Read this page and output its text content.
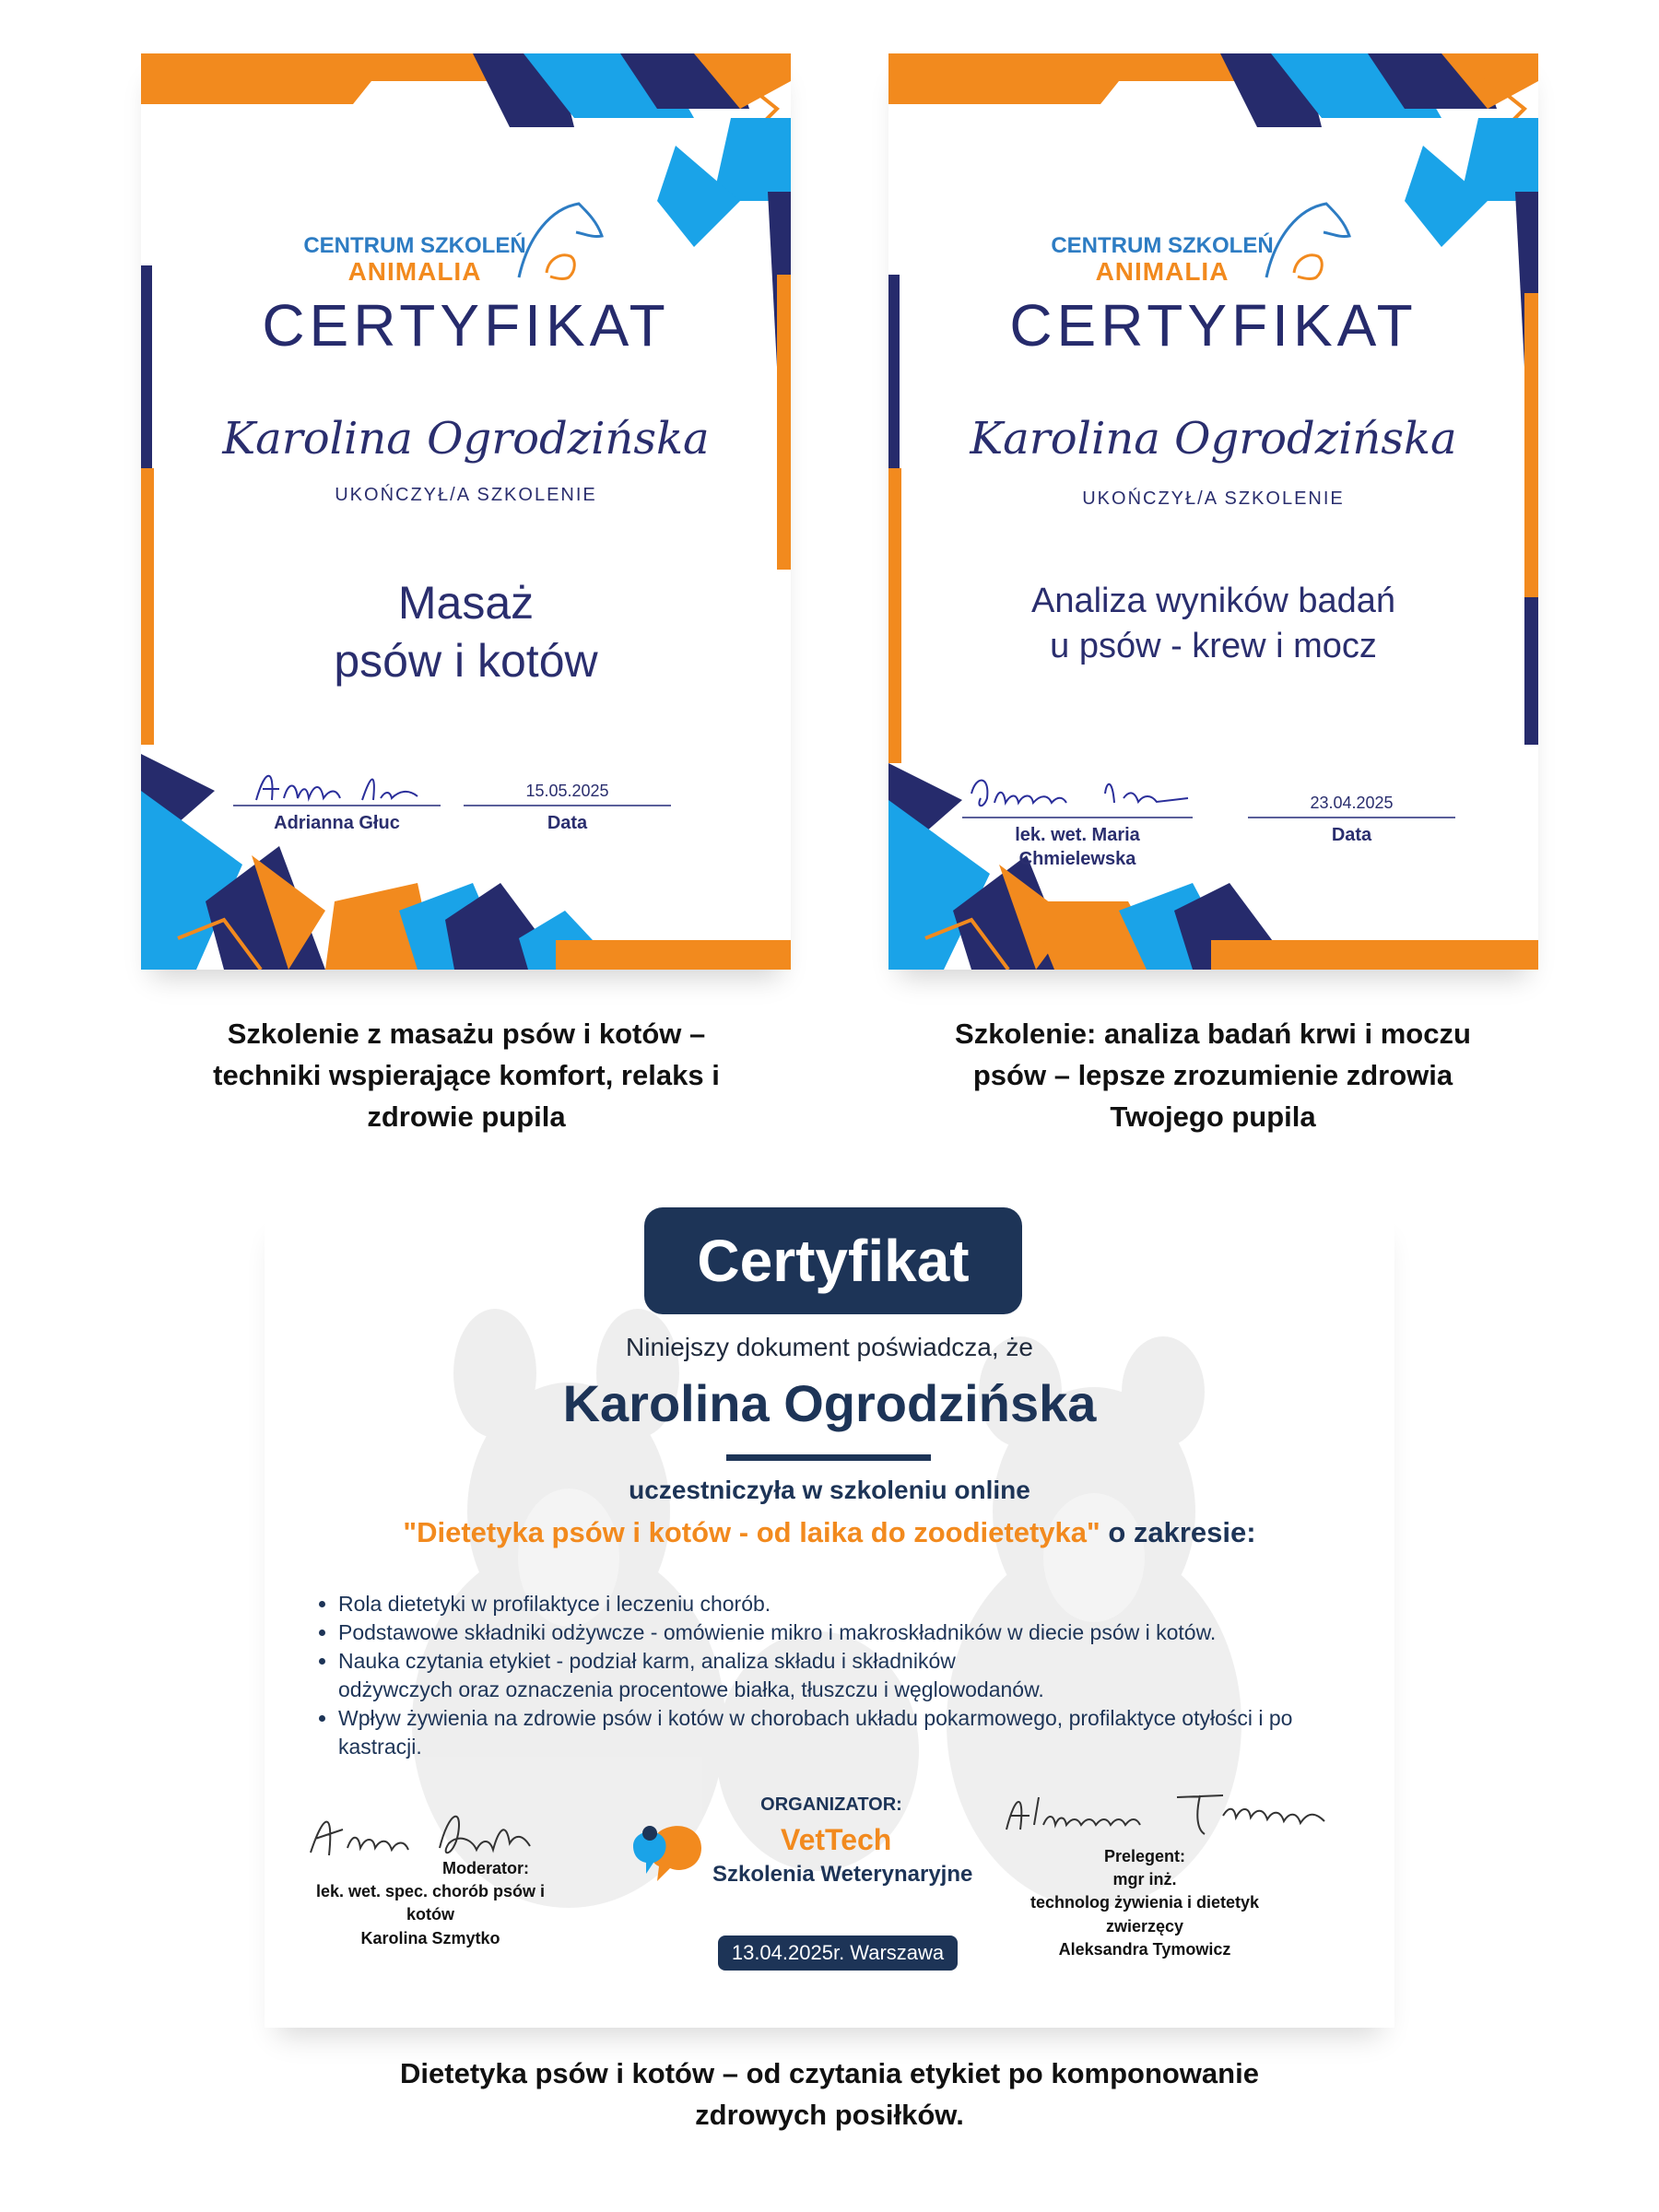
CENTRUM SZKOLEŃ
ANIMALIA
CERTYFIKAT
Karolina Ogrodzińska
UKOŃCZYŁ/A SZKOLENIE
Masaż
psów i kotów
Adrianna Głuc
15.05.2025
Data
Szkolenie z masażu psów i kotów –
techniki wspierające komfort, relaks i
zdrowie pupila
CENTRUM SZKOLEŃ
ANIMALIA
CERTYFIKAT
Karolina Ogrodzińska
UKOŃCZYŁ/A SZKOLENIE
Analiza wyników badań
u psów - krew i mocz
lek. wet. Maria
Chmielewska
23.04.2025
Data
Szkolenie: analiza badań krwi i moczu
psów – lepsze zrozumienie zdrowia
Twojego pupila
Certyfikat
Niniejszy dokument poświadcza, że
Karolina Ogrodzińska
uczestniczyła w szkoleniu online
"Dietetyka psów i kotów - od laika do zoodietetyka" o zakresie:
• Rola dietetyki w profilaktyce i leczeniu chorób.
• Podstawowe składniki odżywcze - omówienie mikro i makroskładników w diecie psów i kotów.
• Nauka czytania etykiet - podział karm, analiza składu i składników odżywczych oraz oznaczenia procentowe białka, tłuszczu i węglowodanów.
• Wpływ żywienia na zdrowie psów i kotów w chorobach układu pokarmowego, profilaktyce otyłości i po kastracji.
Moderator:
lek. wet. spec. chorób psów i kotów
Karolina Szmytko
ORGANIZATOR:
VetTech
Szkolenia Weterynaryjne
Prelegent:
mgr inż.
technolog żywienia i dietetyk zwierzęcy
Aleksandra Tymowicz
13.04.2025r. Warszawa
Dietetyka psów i kotów – od czytania etykiet po komponowanie
zdrowych posiłków.
